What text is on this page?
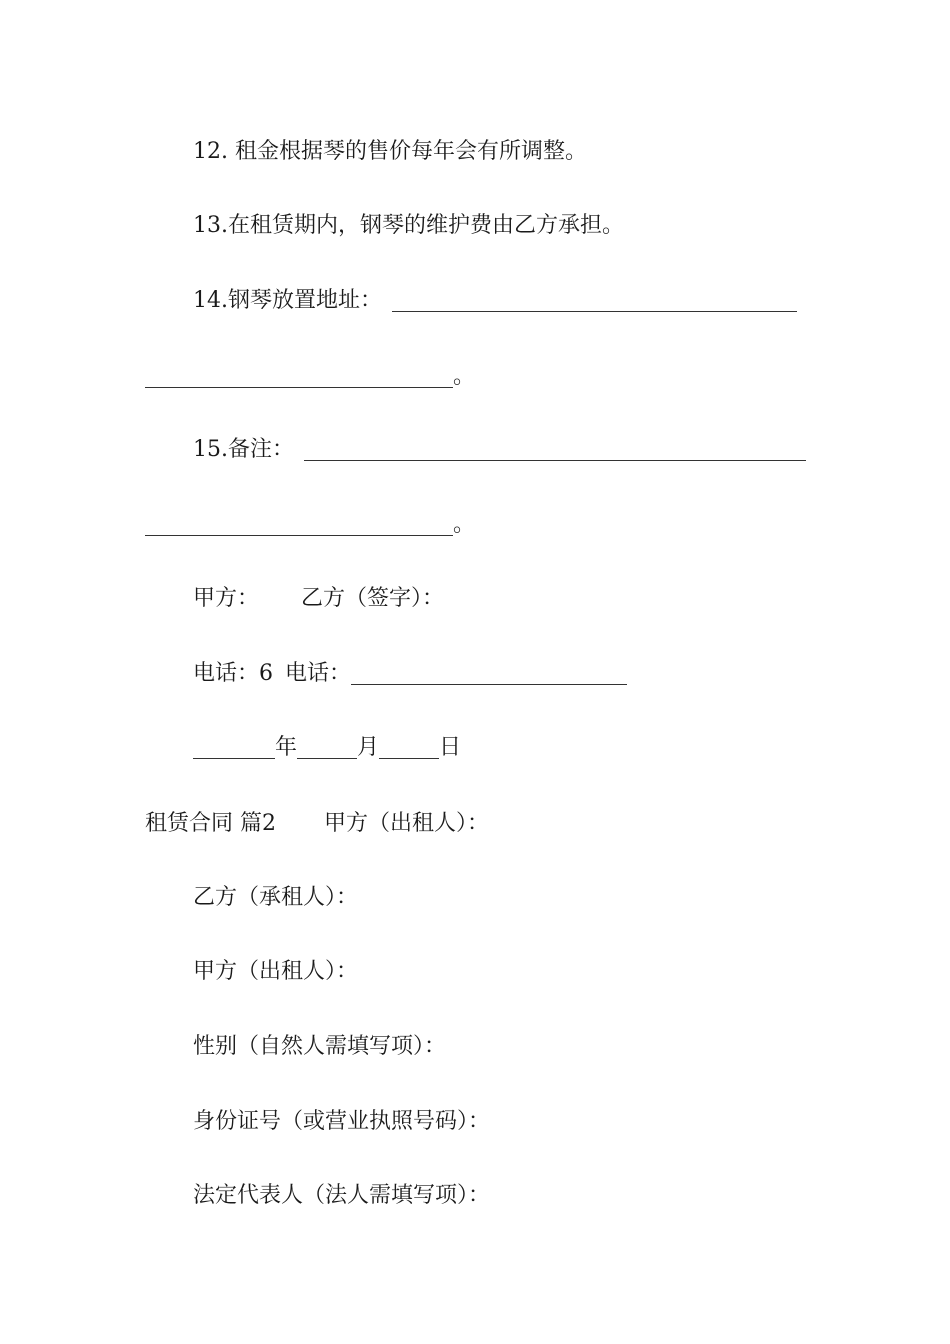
12. 租金根据琴的售价每年会有所调整。
13.在租赁期内，钢琴的维护费由乙方承担。
14.钢琴放置地址：
。
15.备注：
。
甲方： 乙方（签字）：
电话：6 电话：
年	月	日
租赁合同 篇2 甲方（出租人）：
乙方（承租人）：
甲方（出租人）：
性别（自然人需填写项）：
身份证号（或营业执照号码）：
法定代表人（法人需填写项）：
